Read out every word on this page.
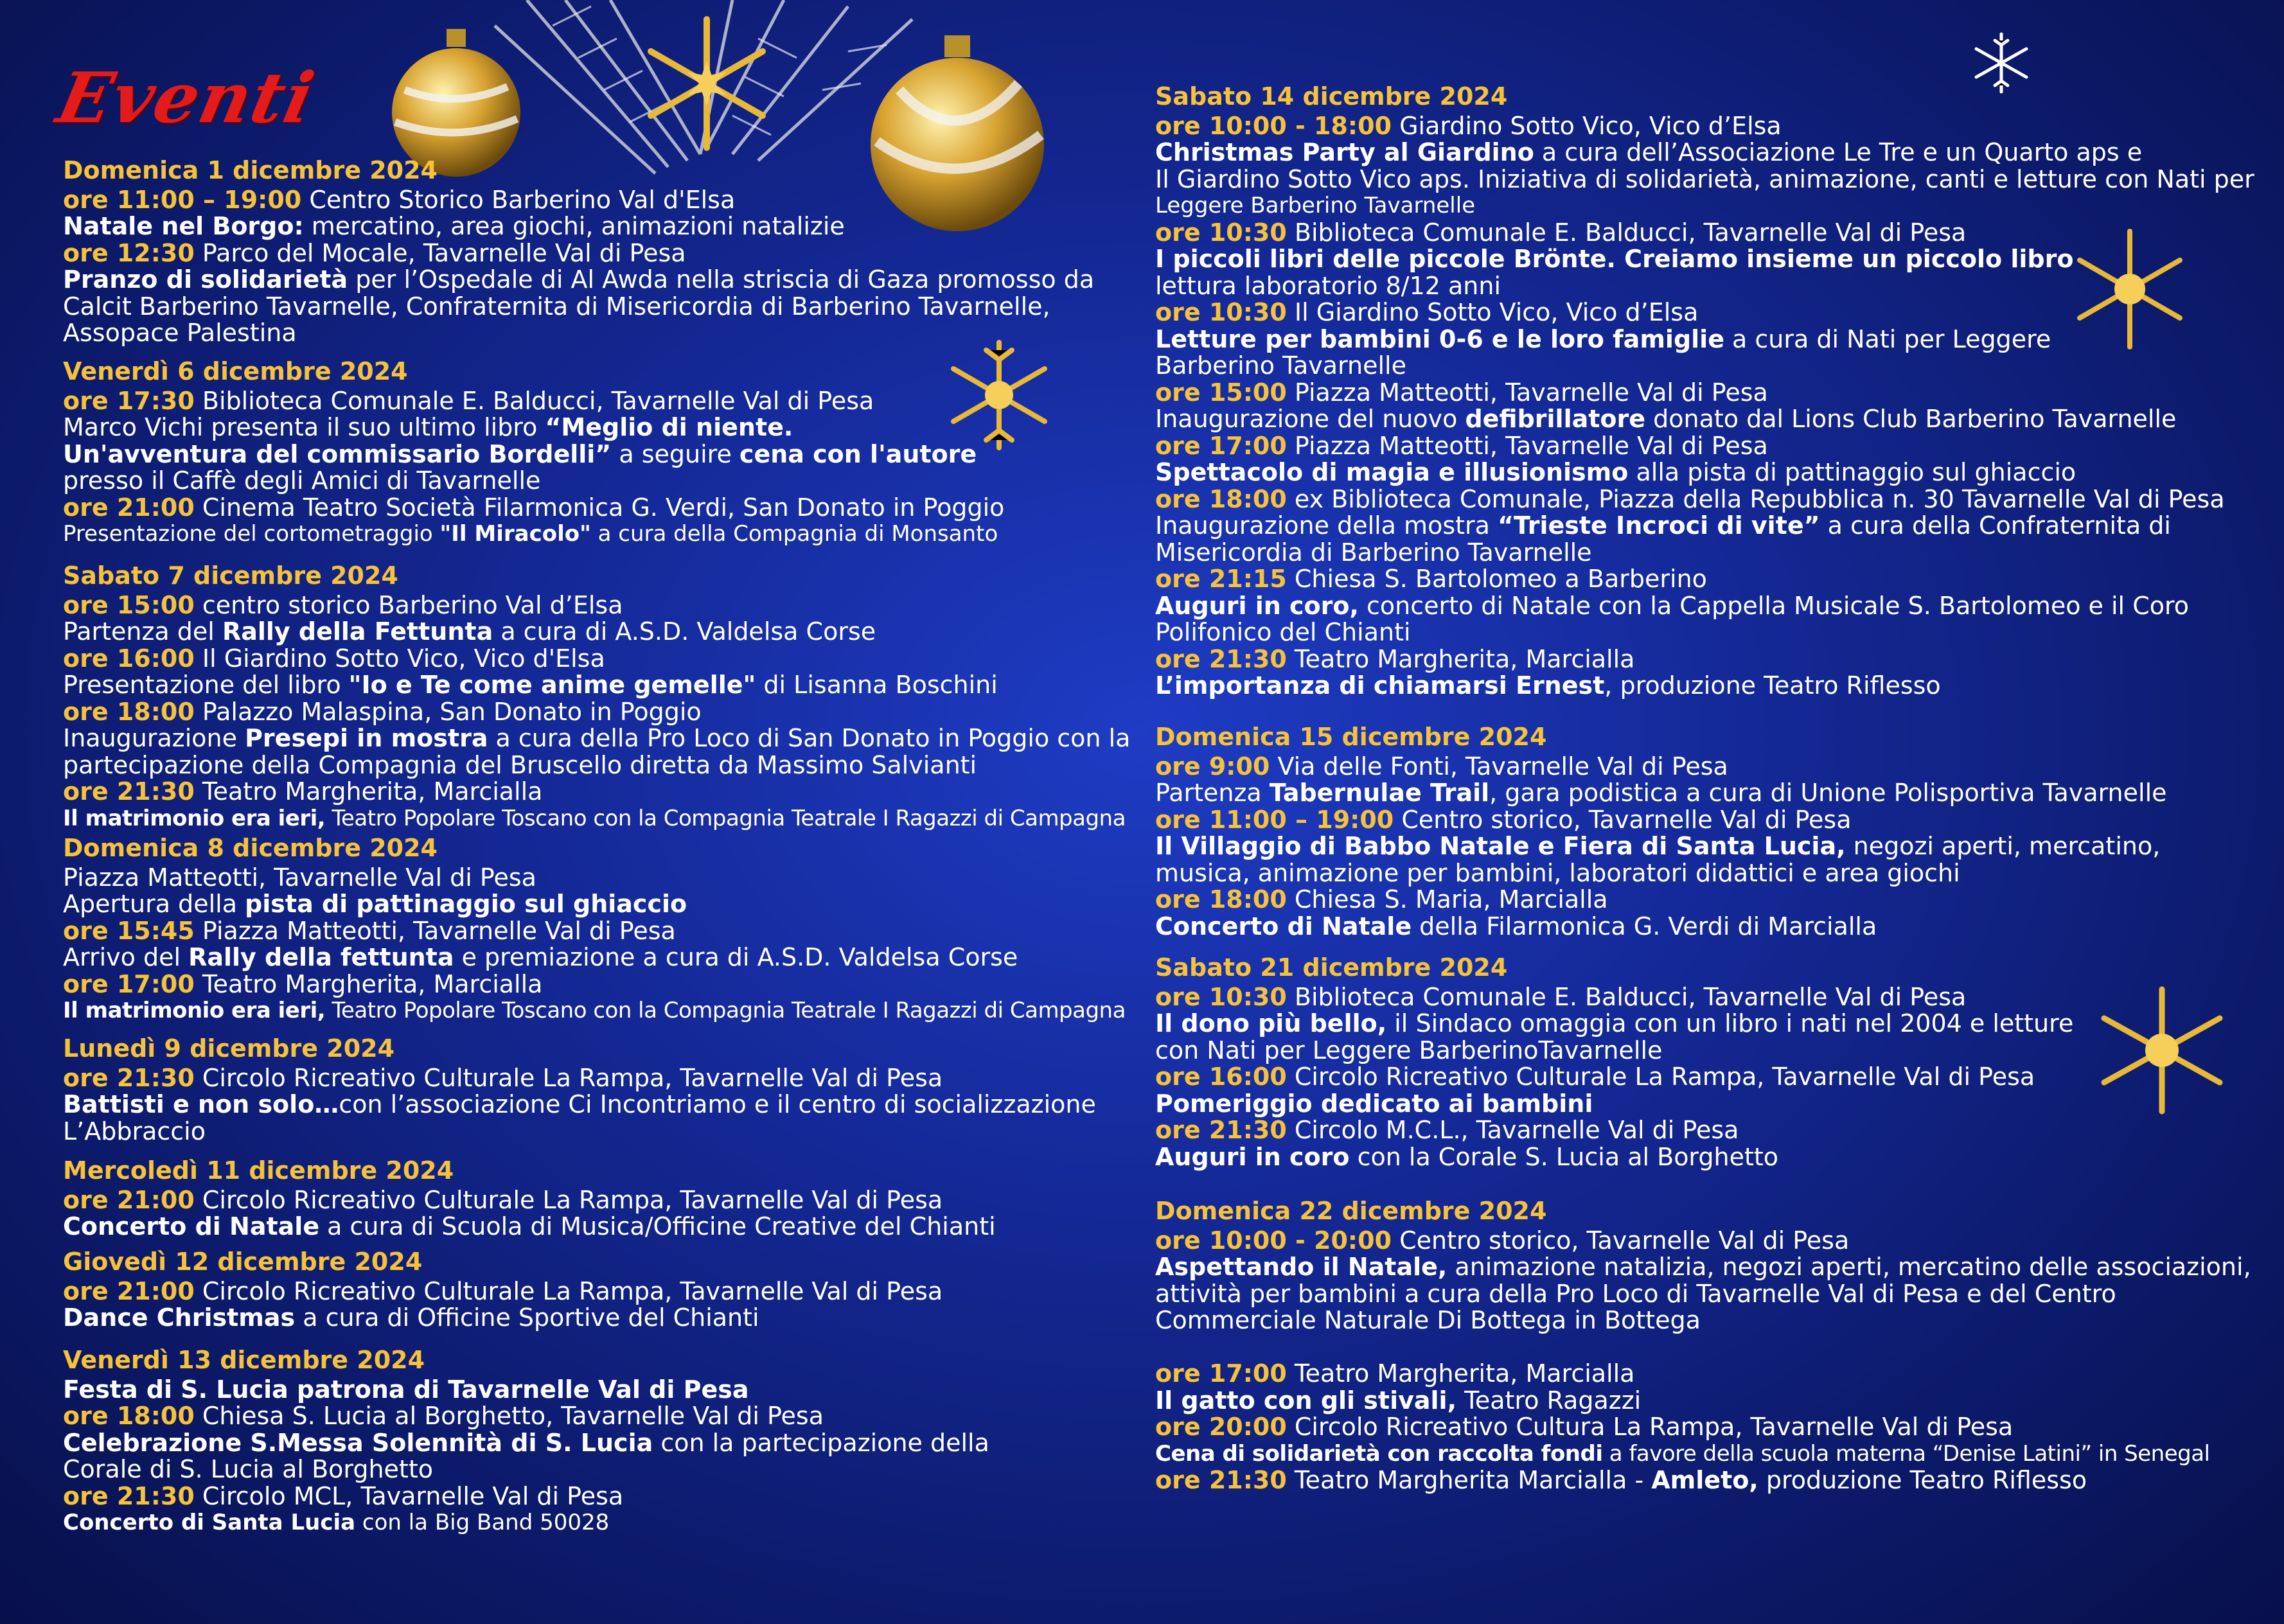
Eventi
Domenica 1 dicembre 2024
ore 11:00 – 19:00 Centro Storico Barberino Val d'Elsa
Natale nel Borgo: mercatino, area giochi, animazioni natalizie
ore 12:30 Parco del Mocale, Tavarnelle Val di Pesa
Pranzo di solidarietà per l’Ospedale di Al Awda nella striscia di Gaza promosso da
Calcit Barberino Tavarnelle, Confraternita di Misericordia di Barberino Tavarnelle,
Assopace Palestina
Venerdì 6 dicembre 2024
ore 17:30 Biblioteca Comunale E. Balducci, Tavarnelle Val di Pesa
Marco Vichi presenta il suo ultimo libro “Meglio di niente.
Un'avventura del commissario Bordelli” a seguire cena con l'autore
presso il Caffè degli Amici di Tavarnelle
ore 21:00 Cinema Teatro Società Filarmonica G. Verdi, San Donato in Poggio
Presentazione del cortometraggio "Il Miracolo" a cura della Compagnia di Monsanto
Sabato 7 dicembre 2024
ore 15:00 centro storico Barberino Val d’Elsa
Partenza del Rally della Fettunta a cura di A.S.D. Valdelsa Corse
ore 16:00 Il Giardino Sotto Vico, Vico d'Elsa
Presentazione del libro "Io e Te come anime gemelle" di Lisanna Boschini
ore 18:00 Palazzo Malaspina, San Donato in Poggio
Inaugurazione Presepi in mostra a cura della Pro Loco di San Donato in Poggio con la
partecipazione della Compagnia del Bruscello diretta da Massimo Salvianti
ore 21:30 Teatro Margherita, Marcialla
Il matrimonio era ieri, Teatro Popolare Toscano con la Compagnia Teatrale I Ragazzi di Campagna
Domenica 8 dicembre 2024
Piazza Matteotti, Tavarnelle Val di Pesa
Apertura della pista di pattinaggio sul ghiaccio
ore 15:45 Piazza Matteotti, Tavarnelle Val di Pesa
Arrivo del Rally della fettunta e premiazione a cura di A.S.D. Valdelsa Corse
ore 17:00 Teatro Margherita, Marcialla
Il matrimonio era ieri, Teatro Popolare Toscano con la Compagnia Teatrale I Ragazzi di Campagna
Lunedì 9 dicembre 2024
ore 21:30 Circolo Ricreativo Culturale La Rampa, Tavarnelle Val di Pesa
Battisti e non solo…con l’associazione Ci Incontriamo e il centro di socializzazione
L’Abbraccio
Mercoledì 11 dicembre 2024
ore 21:00 Circolo Ricreativo Culturale La Rampa, Tavarnelle Val di Pesa
Concerto di Natale a cura di Scuola di Musica/Officine Creative del Chianti
Giovedì 12 dicembre 2024
ore 21:00 Circolo Ricreativo Culturale La Rampa, Tavarnelle Val di Pesa
Dance Christmas a cura di Officine Sportive del Chianti
Venerdì 13 dicembre 2024
Festa di S. Lucia patrona di Tavarnelle Val di Pesa
ore 18:00 Chiesa S. Lucia al Borghetto, Tavarnelle Val di Pesa
Celebrazione S.Messa Solennità di S. Lucia con la partecipazione della
Corale di S. Lucia al Borghetto
ore 21:30 Circolo MCL, Tavarnelle Val di Pesa
Concerto di Santa Lucia con la Big Band 50028
Sabato 14 dicembre 2024
ore 10:00 - 18:00 Giardino Sotto Vico, Vico d’Elsa
Christmas Party al Giardino a cura dell’Associazione Le Tre e un Quarto aps e
Il Giardino Sotto Vico aps. Iniziativa di solidarietà, animazione, canti e letture con Nati per
Leggere Barberino Tavarnelle
ore 10:30 Biblioteca Comunale E. Balducci, Tavarnelle Val di Pesa
I piccoli libri delle piccole Brönte. Creiamo insieme un piccolo libro
lettura laboratorio 8/12 anni
ore 10:30 Il Giardino Sotto Vico, Vico d’Elsa
Letture per bambini 0-6 e le loro famiglie a cura di Nati per Leggere
Barberino Tavarnelle
ore 15:00 Piazza Matteotti, Tavarnelle Val di Pesa
Inaugurazione del nuovo defibrillatore donato dal Lions Club Barberino Tavarnelle
ore 17:00 Piazza Matteotti, Tavarnelle Val di Pesa
Spettacolo di magia e illusionismo alla pista di pattinaggio sul ghiaccio
ore 18:00 ex Biblioteca Comunale, Piazza della Repubblica n. 30 Tavarnelle Val di Pesa
Inaugurazione della mostra “Trieste Incroci di vite” a cura della Confraternita di
Misericordia di Barberino Tavarnelle
ore 21:15 Chiesa S. Bartolomeo a Barberino
Auguri in coro, concerto di Natale con la Cappella Musicale S. Bartolomeo e il Coro
Polifonico del Chianti
ore 21:30 Teatro Margherita, Marcialla
L’importanza di chiamarsi Ernest, produzione Teatro Riflesso
Domenica 15 dicembre 2024
ore 9:00 Via delle Fonti, Tavarnelle Val di Pesa
Partenza Tabernulae Trail, gara podistica a cura di Unione Polisportiva Tavarnelle
ore 11:00 – 19:00 Centro storico, Tavarnelle Val di Pesa
Il Villaggio di Babbo Natale e Fiera di Santa Lucia, negozi aperti, mercatino,
musica, animazione per bambini, laboratori didattici e area giochi
ore 18:00 Chiesa S. Maria, Marcialla
Concerto di Natale della Filarmonica G. Verdi di Marcialla
Sabato 21 dicembre 2024
ore 10:30 Biblioteca Comunale E. Balducci, Tavarnelle Val di Pesa
Il dono più bello, il Sindaco omaggia con un libro i nati nel 2004 e letture
con Nati per Leggere BarberinoTavarnelle
ore 16:00 Circolo Ricreativo Culturale La Rampa, Tavarnelle Val di Pesa
Pomeriggio dedicato ai bambini
ore 21:30 Circolo M.C.L., Tavarnelle Val di Pesa
Auguri in coro con la Corale S. Lucia al Borghetto
Domenica 22 dicembre 2024
ore 10:00 - 20:00 Centro storico, Tavarnelle Val di Pesa
Aspettando il Natale, animazione natalizia, negozi aperti, mercatino delle associazioni,
attività per bambini a cura della Pro Loco di Tavarnelle Val di Pesa e del Centro
Commerciale Naturale Di Bottega in Bottega
ore 17:00 Teatro Margherita, Marcialla
Il gatto con gli stivali, Teatro Ragazzi
ore 20:00 Circolo Ricreativo Cultura La Rampa, Tavarnelle Val di Pesa
Cena di solidarietà con raccolta fondi a favore della scuola materna “Denise Latini” in Senegal
ore 21:30 Teatro Margherita Marcialla - Amleto, produzione Teatro Riflesso
